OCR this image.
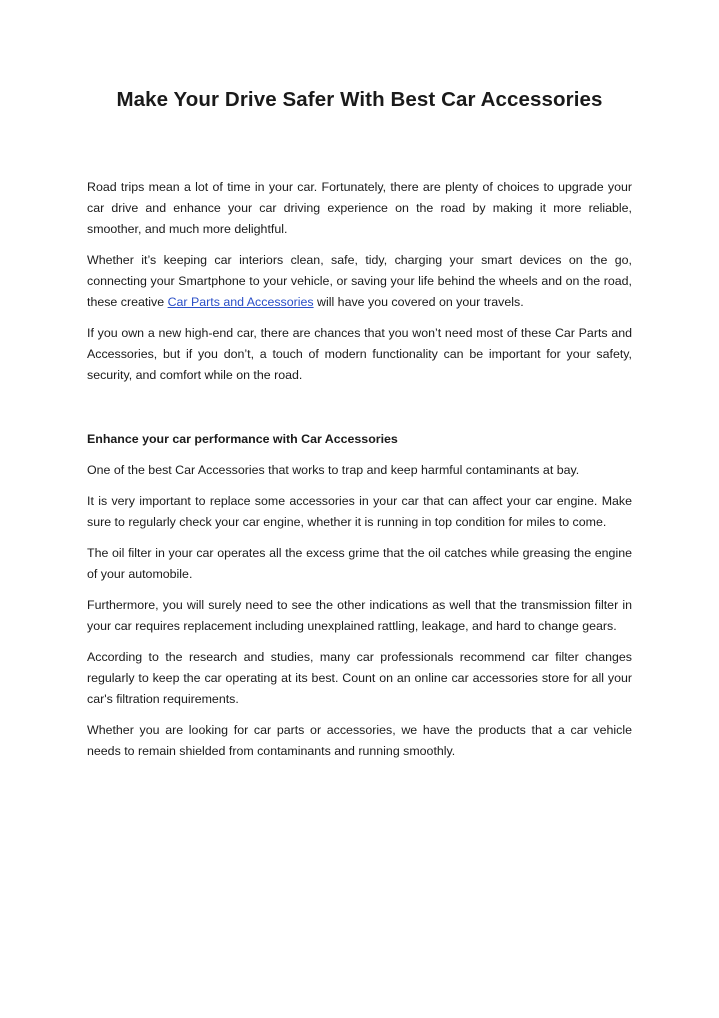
Make Your Drive Safer With Best Car Accessories

Road trips mean a lot of time in your car. Fortunately, there are plenty of choices to upgrade your car drive and enhance your car driving experience on the road by making it more reliable, smoother, and much more delightful.

Whether it’s keeping car interiors clean, safe, tidy, charging your smart devices on the go, connecting your Smartphone to your vehicle, or saving your life behind the wheels and on the road, these creative Car Parts and Accessories will have you covered on your travels.

If you own a new high-end car, there are chances that you won’t need most of these Car Parts and Accessories, but if you don’t, a touch of modern functionality can be important for your safety, security, and comfort while on the road.

Enhance your car performance with Car Accessories

One of the best Car Accessories that works to trap and keep harmful contaminants at bay.

It is very important to replace some accessories in your car that can affect your car engine. Make sure to regularly check your car engine, whether it is running in top condition for miles to come.

The oil filter in your car operates all the excess grime that the oil catches while greasing the engine of your automobile.

Furthermore, you will surely need to see the other indications as well that the transmission filter in your car requires replacement including unexplained rattling, leakage, and hard to change gears.

According to the research and studies, many car professionals recommend car filter changes regularly to keep the car operating at its best. Count on an online car accessories store for all your car's filtration requirements.

Whether you are looking for car parts or accessories, we have the products that a car vehicle needs to remain shielded from contaminants and running smoothly.
